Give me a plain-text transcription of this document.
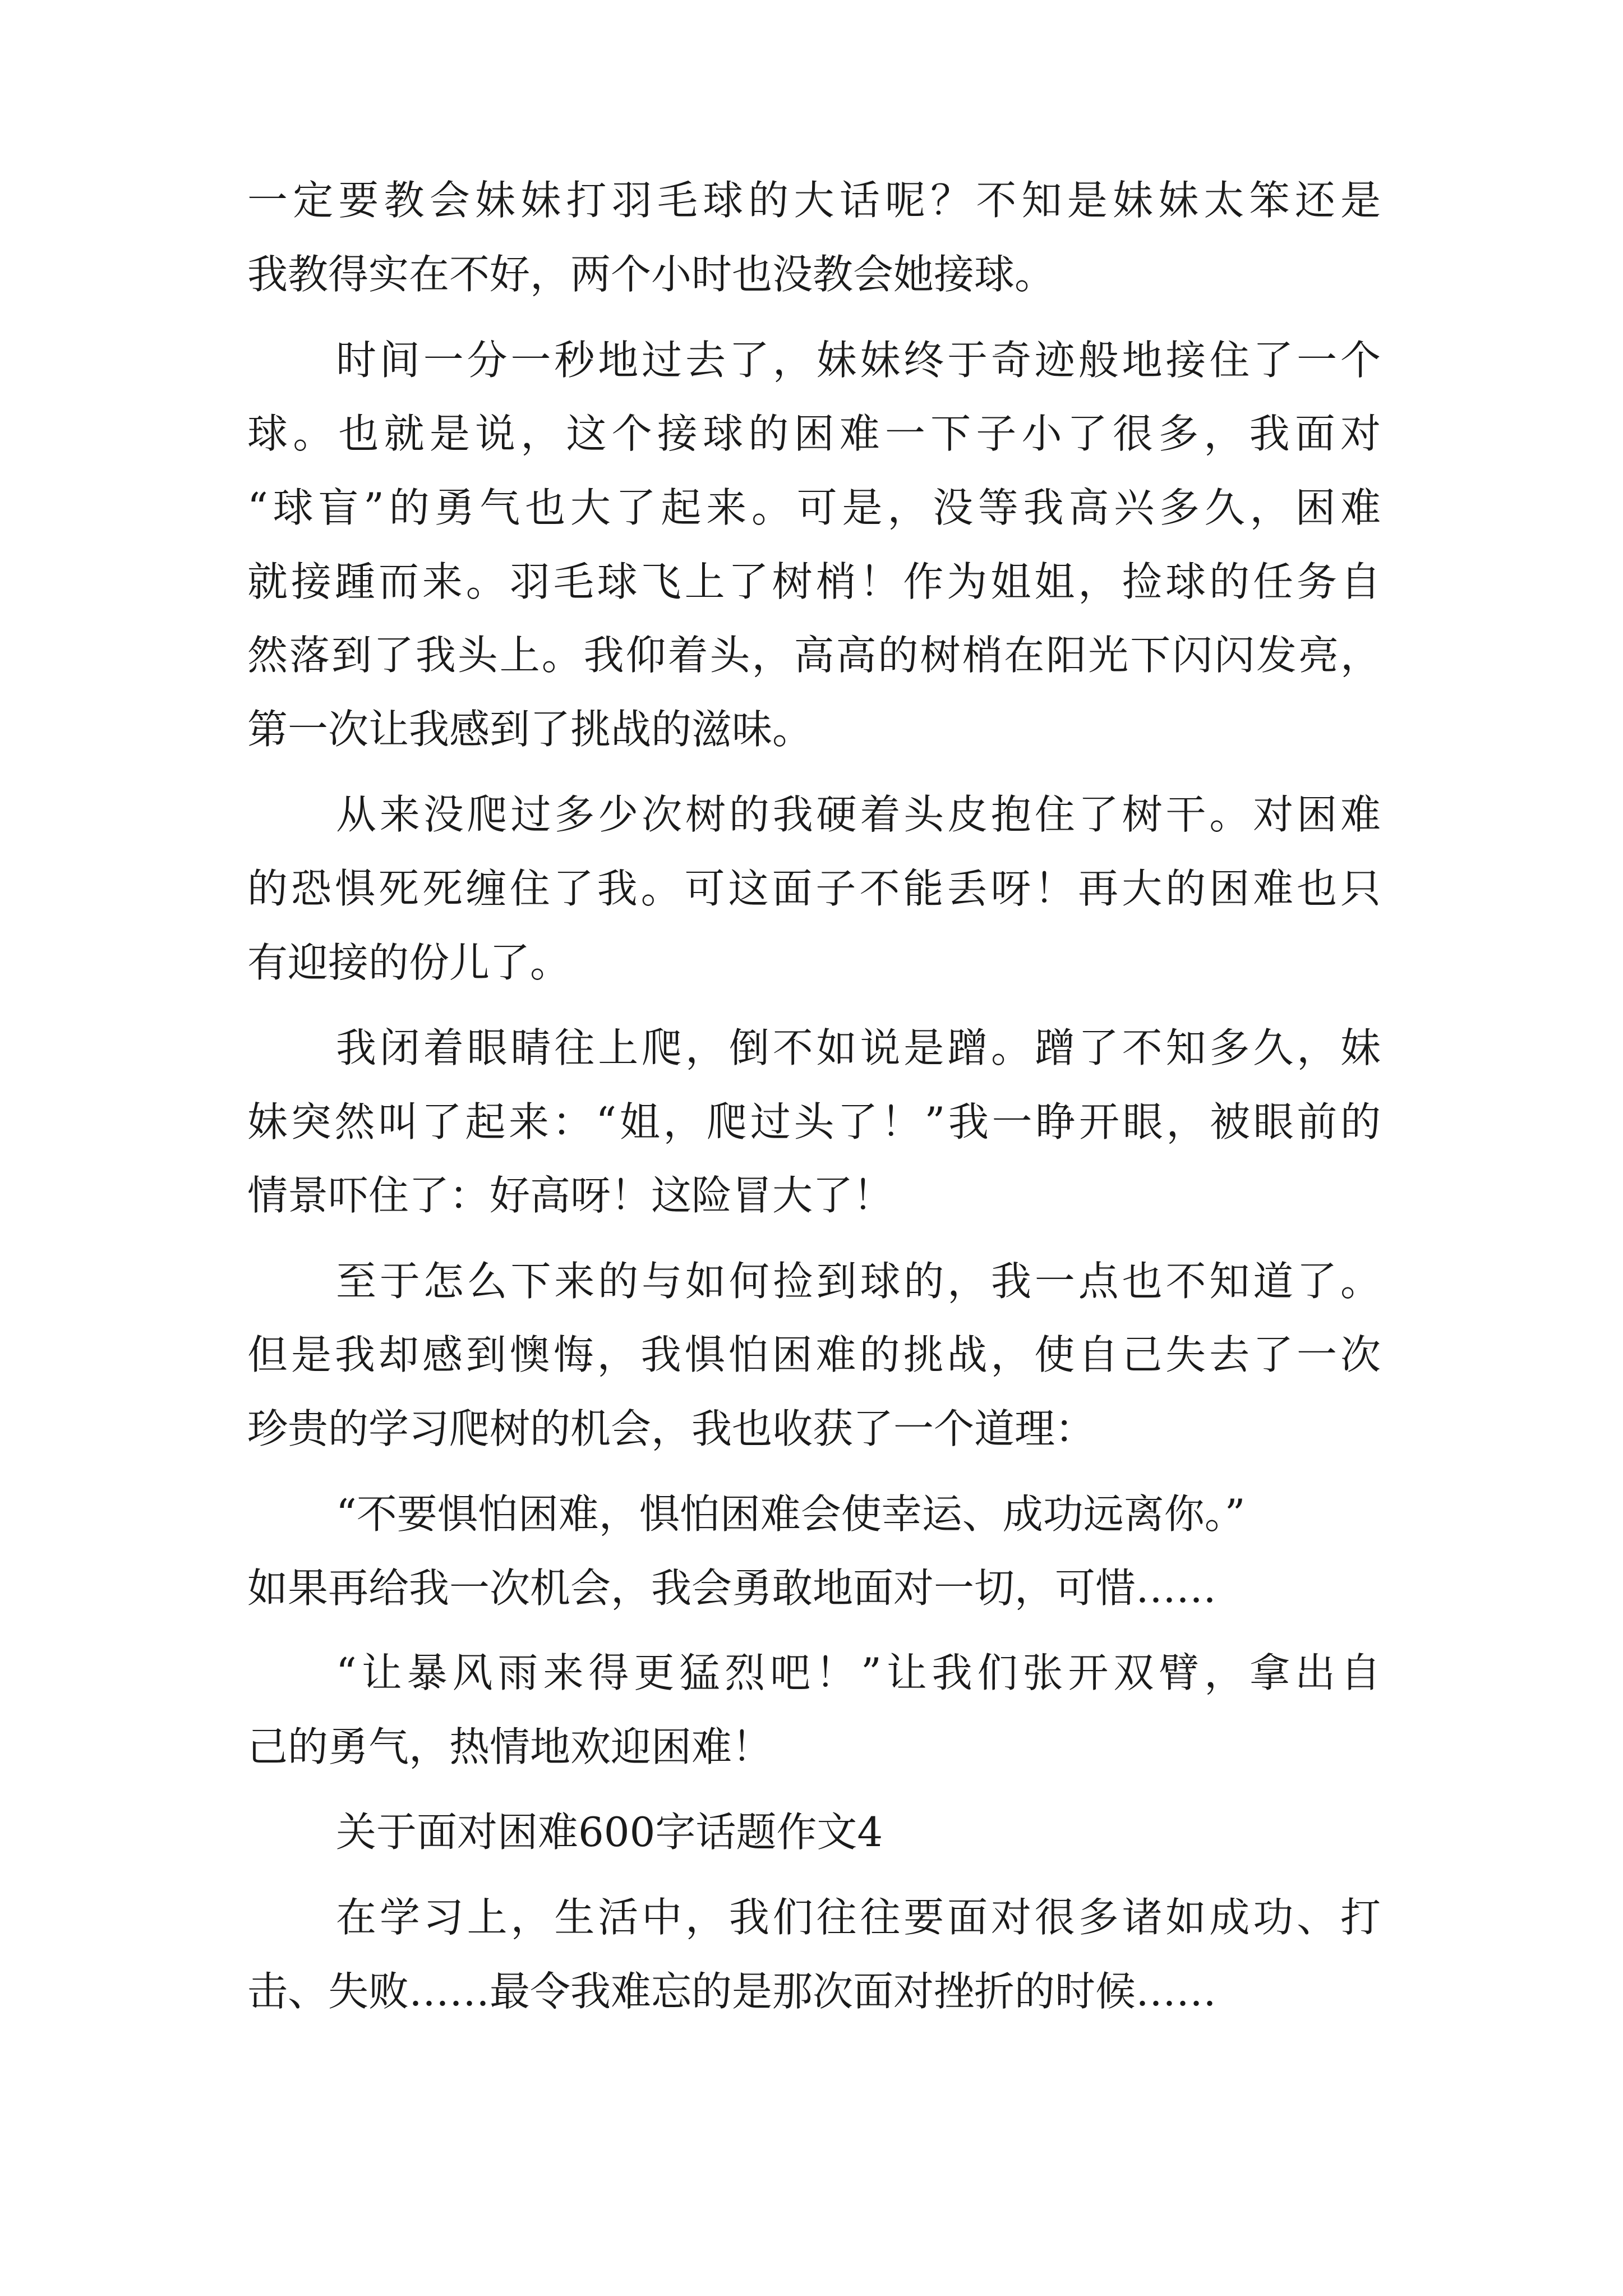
一定要教会妹妹打羽毛球的大话呢？不知是妹妹太笨还是
我教得实在不好，两个小时也没教会她接球。
时间一分一秒地过去了，妹妹终于奇迹般地接住了一个
球。也就是说，这个接球的困难一下子小了很多，我面对
“球盲”的勇气也大了起来。可是，没等我高兴多久，困难
就接踵而来。羽毛球飞上了树梢！作为姐姐，捡球的任务自
然落到了我头上。我仰着头，高高的树梢在阳光下闪闪发亮，
第一次让我感到了挑战的滋味。
从来没爬过多少次树的我硬着头皮抱住了树干。对困难
的恐惧死死缠住了我。可这面子不能丢呀！再大的困难也只
有迎接的份儿了。
我闭着眼睛往上爬，倒不如说是蹭。蹭了不知多久，妹
妹突然叫了起来：“姐，爬过头了！”我一睁开眼，被眼前的
情景吓住了：好高呀！这险冒大了！
至于怎么下来的与如何捡到球的，我一点也不知道了。
但是我却感到懊悔，我惧怕困难的挑战，使自己失去了一次
珍贵的学习爬树的机会，我也收获了一个道理：
“不要惧怕困难，惧怕困难会使幸运、成功远离你。”
如果再给我一次机会，我会勇敢地面对一切，可惜……
“让暴风雨来得更猛烈吧！”让我们张开双臂，拿出自
己的勇气，热情地欢迎困难！
关于面对困难600字话题作文4
在学习上，生活中，我们往往要面对很多诸如成功、打
击、失败……最令我难忘的是那次面对挫折的时候……
